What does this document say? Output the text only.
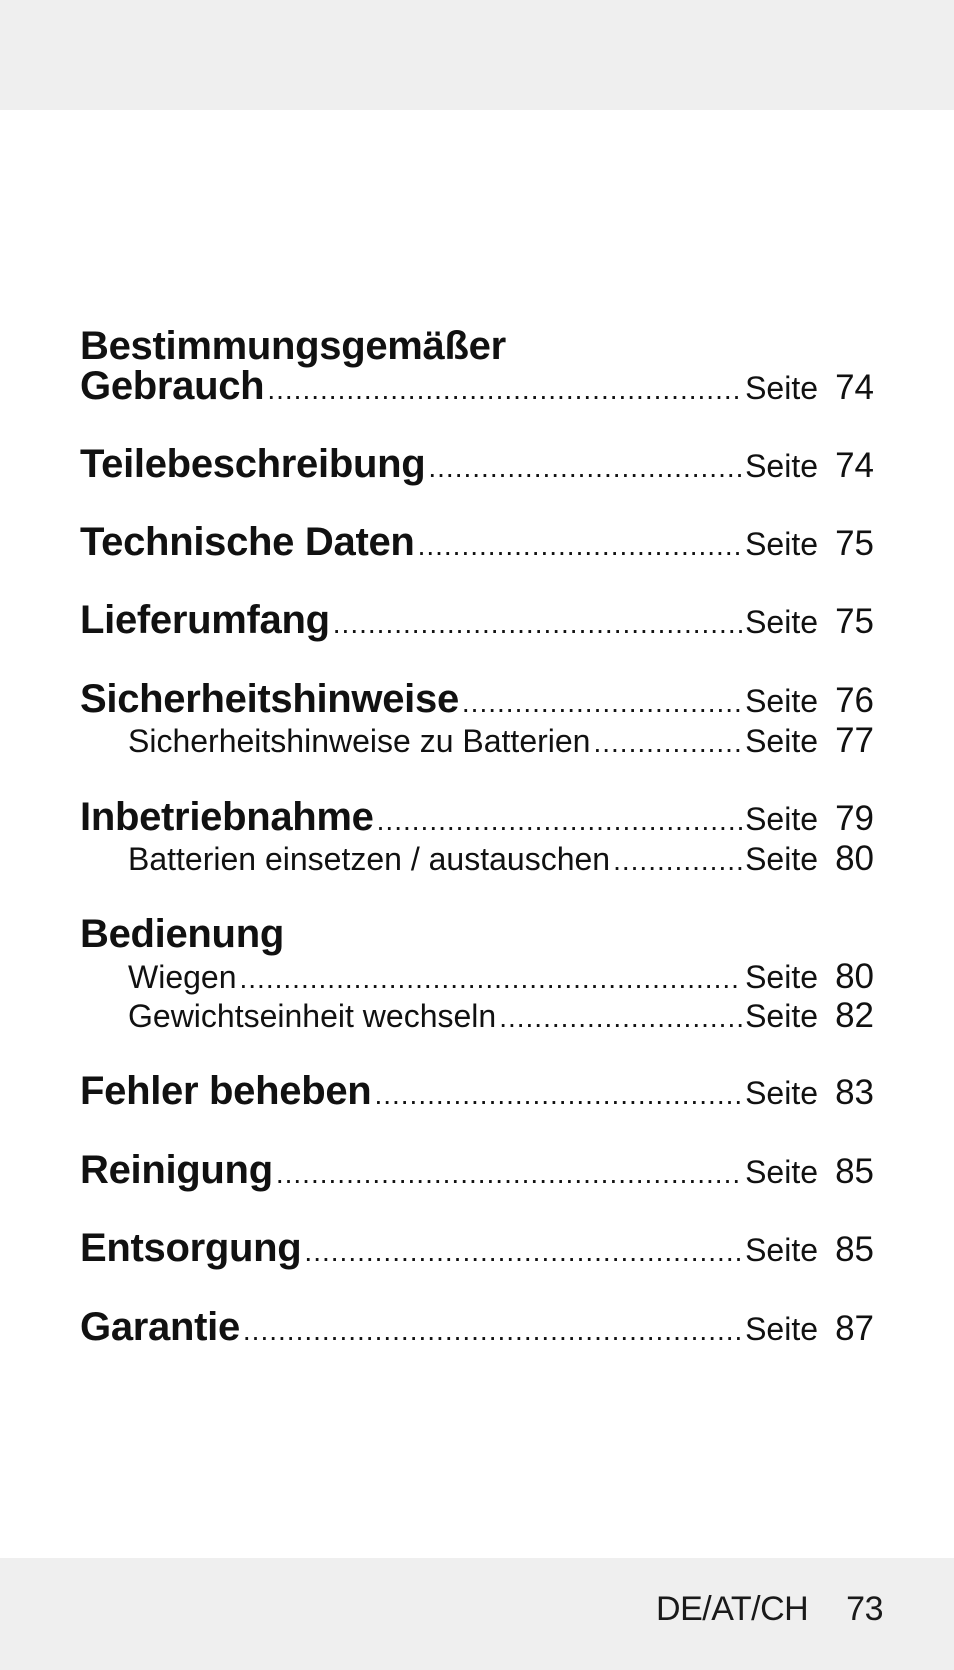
Bestimmungsgemäßer
Gebrauch .....	Seite 74
Teilebeschreibung .....	Seite 74
Technische Daten .....	Seite 75
Lieferumfang .....	Seite 75
Sicherheitshinweise .....	Seite 76
Sicherheitshinweise zu Batterien .....	Seite 77
Inbetriebnahme .....	Seite 79
Batterien einsetzen / austauschen .....	Seite 80
Bedienung
Wiegen .....	Seite 80
Gewichtseinheit wechseln .....	Seite 82
Fehler beheben .....	Seite 83
Reinigung .....	Seite 85
Entsorgung .....	Seite 85
Garantie .....	Seite 87
DE/AT/CH 73
